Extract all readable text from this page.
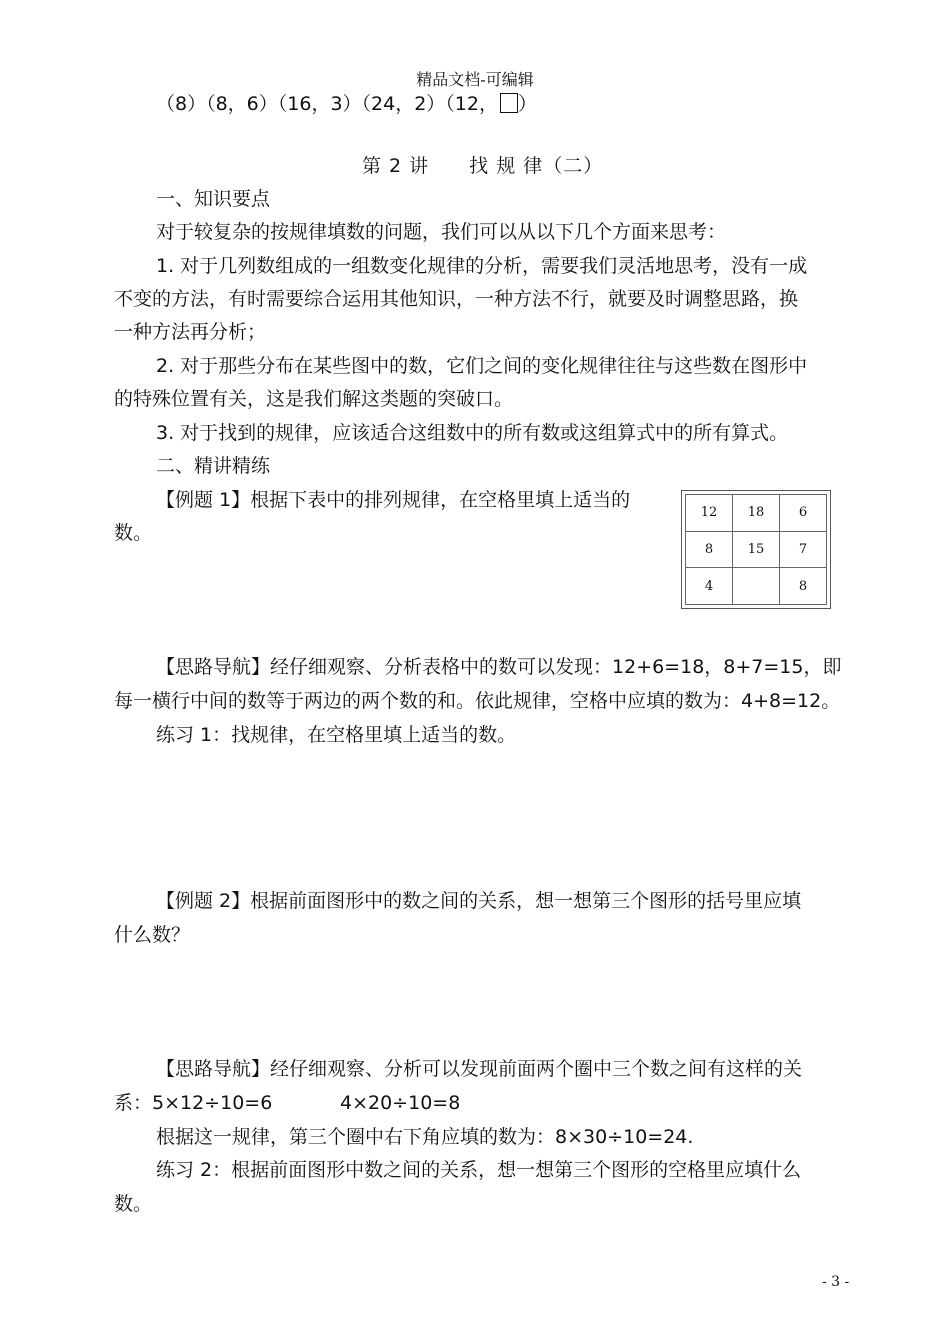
精品文档-可编辑
（8）（8，6）（16，3）（24，2）（12， ）
第 2 讲　　找 规 律（二）
一、知识要点
对于较复杂的按规律填数的问题，我们可以从以下几个方面来思考：
1. 对于几列数组成的一组数变化规律的分析，需要我们灵活地思考，没有一成
不变的方法，有时需要综合运用其他知识，一种方法不行，就要及时调整思路，换
一种方法再分析；
2. 对于那些分布在某些图中的数，它们之间的变化规律往往与这些数在图形中
的特殊位置有关，这是我们解这类题的突破口。
3. 对于找到的规律，应该适合这组数中的所有数或这组算式中的所有算式。
二、精讲精练
【例题 1】根据下表中的排列规律，在空格里填上适当的
数。
12	18	6
8	15	7
4		8
【思路导航】经仔细观察、分析表格中的数可以发现：12+6=18，8+7=15，即
每一横行中间的数等于两边的两个数的和。依此规律，空格中应填的数为：4+8=12。
练习 1：找规律，在空格里填上适当的数。
【例题 2】根据前面图形中的数之间的关系，想一想第三个图形的括号里应填
什么数？
【思路导航】经仔细观察、分析可以发现前面两个圈中三个数之间有这样的关
系：5×12÷10=6	4×20÷10=8
根据这一规律，第三个圈中右下角应填的数为：8×30÷10=24.
练习 2：根据前面图形中数之间的关系，想一想第三个图形的空格里应填什么
数。
- 3 -
